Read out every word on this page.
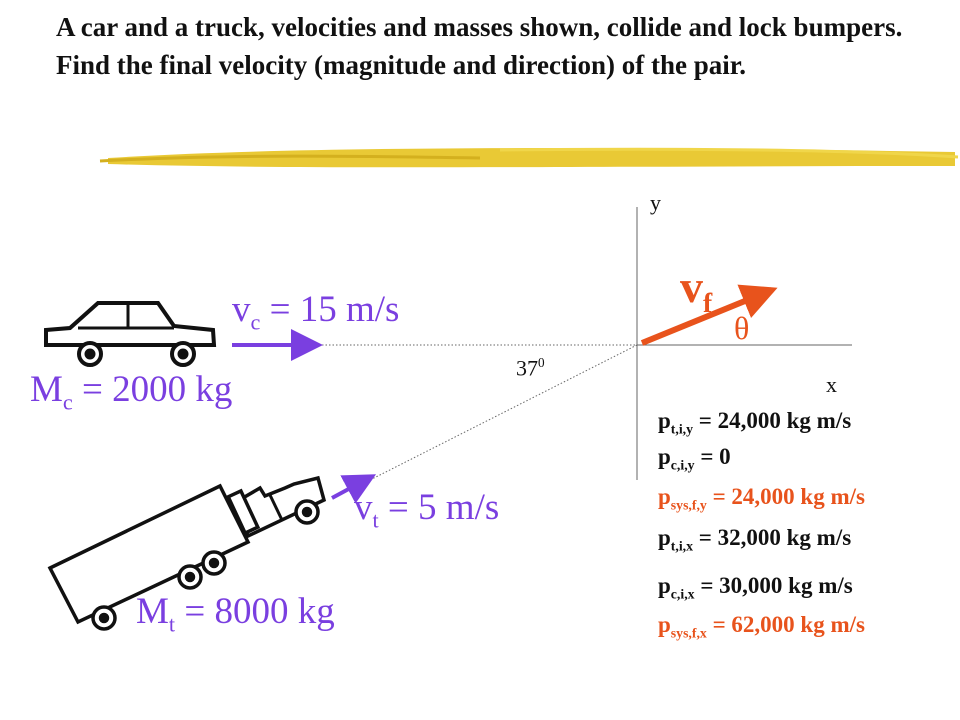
A car and a truck, velocities and masses shown, collide and lock bumpers. Find the final velocity (magnitude and direction) of the pair.

y
x
$37^0$
$v_f$
θ
$v_c = 15$ m/s
$M_c = 2000$ kg
$v_t = 5$ m/s
$M_t = 8000$ kg
$p_{t,i,y} = 24,000$ kg m/s
$p_{c,i,y} = 0$
$p_{sys,f,y} = 24,000$ kg m/s
$p_{t,i,x} = 32,000$ kg m/s
$p_{c,i,x} = 30,000$ kg m/s
$p_{sys,f,x} = 62,000$ kg m/s
